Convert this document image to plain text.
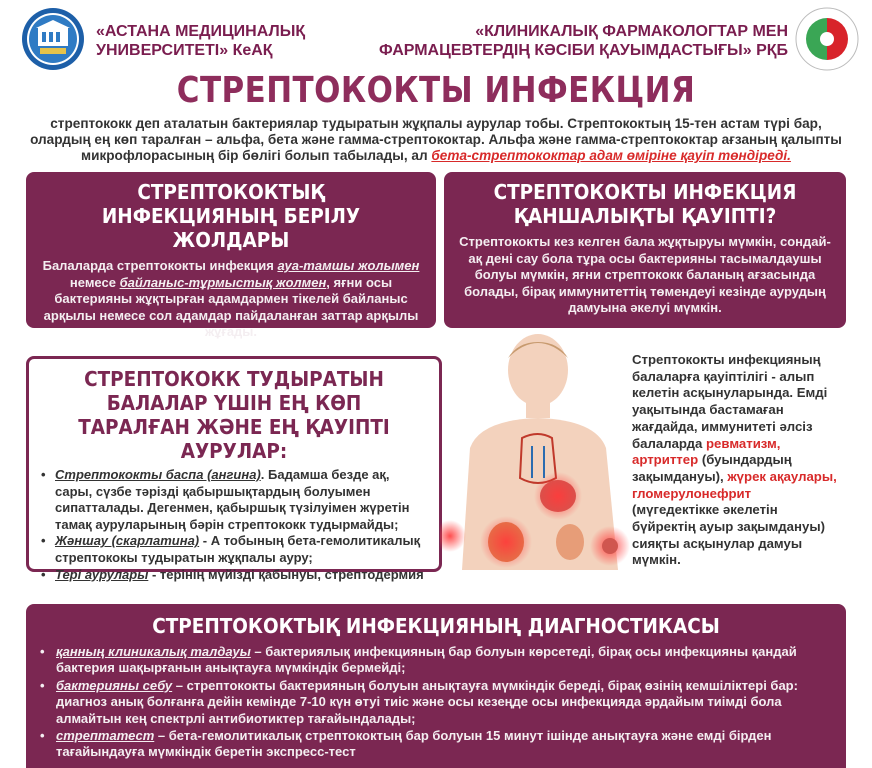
«АСТАНА МЕДИЦИНАЛЫҚ
УНИВЕРСИТЕТІ» КеАҚ
«КЛИНИКАЛЫҚ ФАРМАКОЛОГТАР МЕН
ФАРМАЦЕВТЕРДІҢ КӘСІБИ ҚАУЫМДАСТЫҒЫ» РҚБ
СТРЕПТОКОКТЫ ИНФЕКЦИЯ
стрептококк деп аталатын бактериялар тудыратын жұқпалы аурулар тобы. Стрептококтың 15-тен астам түрі бар, олардың ең көп таралған – альфа, бета және гамма-стрептококтар. Альфа және гамма-стрептококтар ағзаның қалыпты микрофлорасының бір бөлігі болып табылады, ал бета-стрептококтар адам өміріне қауіп төндіреді.
СТРЕПТОКОКТЫҚ ИНФЕКЦИЯНЫҢ БЕРІЛУ ЖОЛДАРЫ
Балаларда стрептококты инфекция ауа-тамшы жолымен немесе байланыс-тұрмыстық жолмен, яғни осы бактерияны жұқтырған адамдармен тікелей байланыс арқылы немесе сол адамдар пайдаланған заттар арқылы жұғады.
СТРЕПТОКОКТЫ ИНФЕКЦИЯ ҚАНШАЛЫҚТЫ ҚАУІПТІ?
Стрептококты кез келген бала жұқтыруы мүмкін, сондай-ақ дені сау бола тұра осы бактерияны тасымалдаушы болуы мүмкін, яғни стрептококк баланың ағзасында болады, бірақ иммунитеттің төмендеуі кезінде аурудың дамуына әкелуі мүмкін.
СТРЕПТОКОКК ТУДЫРАТЫН БАЛАЛАР ҮШІН ЕҢ КӨП ТАРАЛҒАН ЖӘНЕ ЕҢ ҚАУІПТІ АУРУЛАР:
• Стрептококты баспа (ангина). Бадамша безде ақ, сары, сүзбе тәрізді қабыршықтардың болуымен сипатталады. Дегенмен, қабыршық түзілуімен жүретін тамақ ауруларының бәрін стрептококк тудырмайды;
• Жәншау (скарлатина) - А тобының бета-гемолитикалық стрептококы тудыратын жұқпалы ауру;
• Тері аурулары - терінің мүйізді қабынуы, стрептодермия
Стрептококты инфекцияның балаларға қауіптілігі - алып келетін асқынуларында. Емді уақытында бастамаған жағдайда, иммунитеті әлсіз балаларда ревматизм, артриттер (буындардың зақымдануы), жүрек ақаулары, гломерулонефрит (мүгедектікке әкелетін бүйректің ауыр зақымдануы) сияқты асқынулар дамуы мүмкін.
СТРЕПТОКОКТЫҚ ИНФЕКЦИЯНЫҢ ДИАГНОСТИКАСЫ
• қанның клиникалық талдауы – бактериялық инфекцияның бар болуын көрсетеді, бірақ осы инфекцияны қандай бактерия шақырғанын анықтауға мүмкіндік бермейді;
• бактерияны себу – стрептококты бактерияның болуын анықтауға мүмкіндік береді, бірақ өзінің кемшіліктері бар: диагноз анық болғанға дейін кемінде 7-10 күн өтуі тиіс және осы кезеңде осы инфекцияда әрдайым тиімді бола алмайтын кең спектрлі антибиотиктер тағайындалады;
• стрептатест – бета-гемолитикалық стрептококтың бар болуын 15 минут ішінде анықтауға және емді бірден тағайындауға мүмкіндік беретін экспресс-тест
